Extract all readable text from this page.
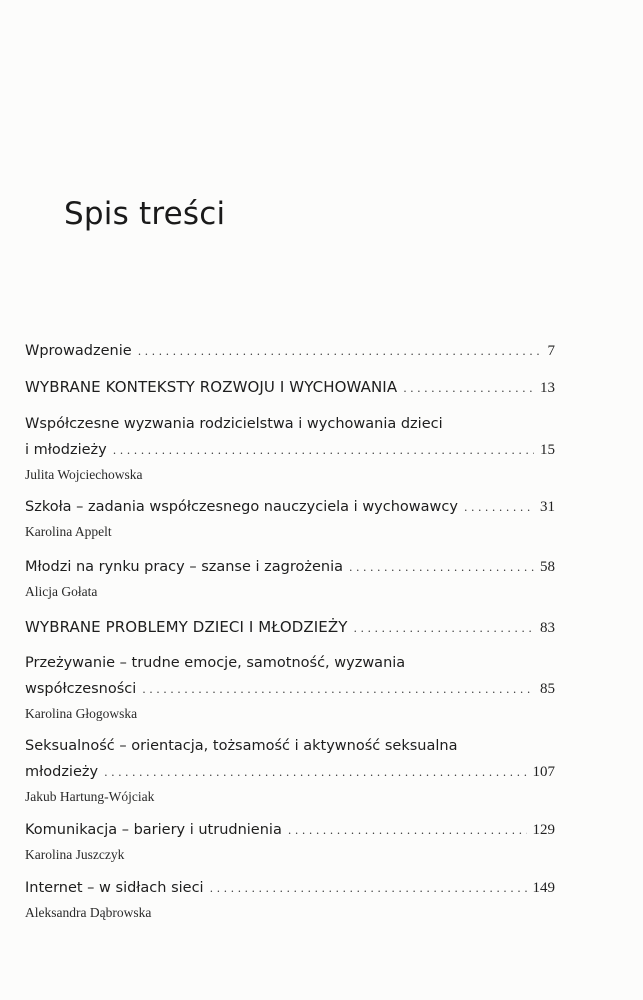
Spis treści
Wprowadzenie . . .	7
WYBRANE KONTEKSTY ROZWOJU I WYCHOWANIA . . .	13
Współczesne wyzwania rodzicielstwa i wychowania dzieci
i młodzieży . . .	15
Julita Wojciechowska
Szkoła – zadania współczesnego nauczyciela i wychowawcy . . .	31
Karolina Appelt
Młodzi na rynku pracy – szanse i zagrożenia . . .	58
Alicja Gołata
WYBRANE PROBLEMY DZIECI I MŁODZIEŻY . . .	83
Przeżywanie – trudne emocje, samotność, wyzwania
współczesności . . .	85
Karolina Głogowska
Seksualność – orientacja, tożsamość i aktywność seksualna
młodzieży . . .	107
Jakub Hartung-Wójciak
Komunikacja – bariery i utrudnienia . . .	129
Karolina Juszczyk
Internet – w sidłach sieci . . .	149
Aleksandra Dąbrowska
